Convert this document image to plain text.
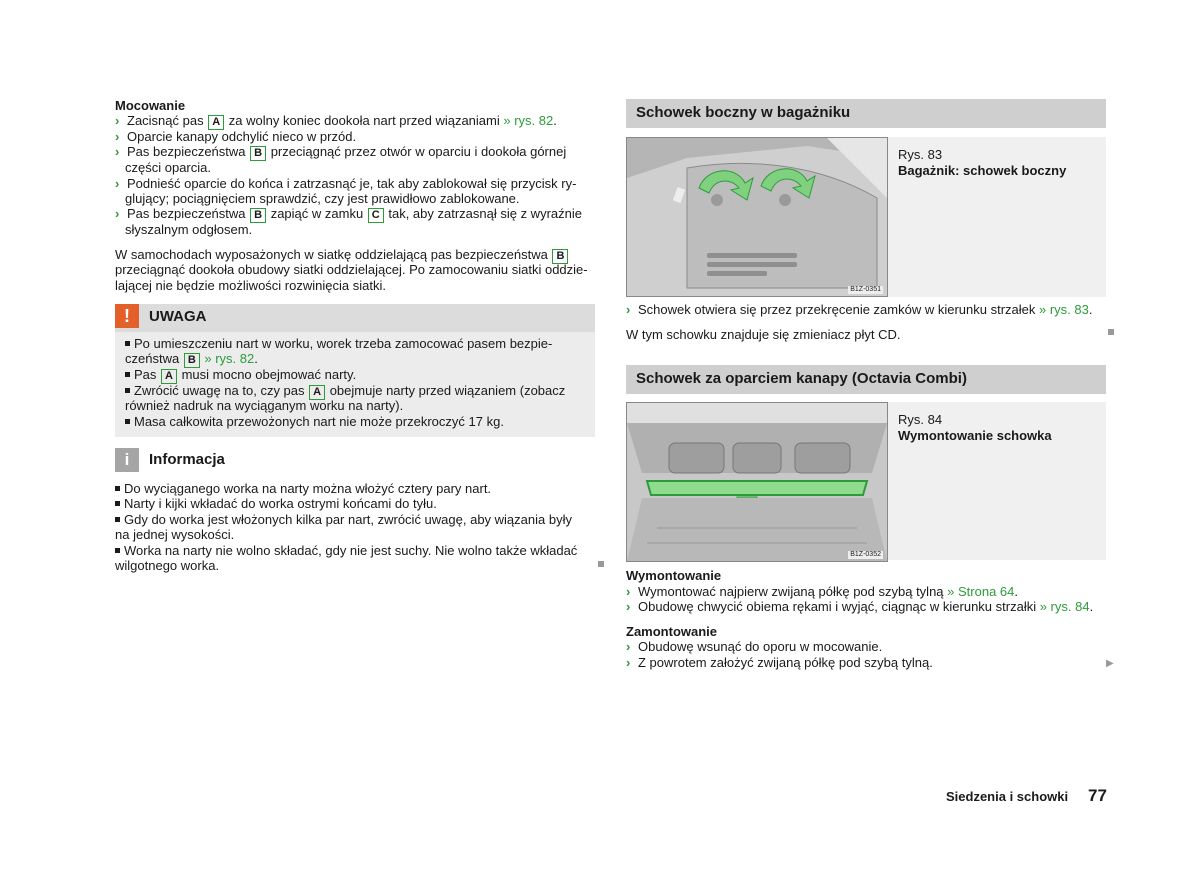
Mocowanie
› Zacisnąć pas A za wolny koniec dookoła nart przed wiązaniami » rys. 82.
› Oparcie kanapy odchylić nieco w przód.
› Pas bezpieczeństwa B przeciągnąć przez otwór w oparciu i dookoła górnej
części oparcia.
› Podnieść oparcie do końca i zatrzasnąć je, tak aby zablokował się przycisk ry-
glujący; pociągnięciem sprawdzić, czy jest prawidłowo zablokowane.
› Pas bezpieczeństwa B zapiąć w zamku C tak, aby zatrzasnął się z wyraźnie
słyszalnym odgłosem.
W samochodach wyposażonych w siatkę oddzielającą pas bezpieczeństwa B
przeciągnąć dookoła obudowy siatki oddzielającej. Po zamocowaniu siatki oddzie-
lającej nie będzie możliwości rozwinięcia siatki.
!	UWAGA
Po umieszczeniu nart w worku, worek trzeba zamocować pasem bezpie-
czeństwa B » rys. 82.
Pas A musi mocno obejmować narty.
Zwrócić uwagę na to, czy pas A obejmuje narty przed wiązaniem (zobacz
również nadruk na wyciąganym worku na narty).
Masa całkowita przewożonych nart nie może przekroczyć 17 kg.
i	Informacja
Do wyciąganego worka na narty można włożyć cztery pary nart.
Narty i kijki wkładać do worka ostrymi końcami do tyłu.
Gdy do worka jest włożonych kilka par nart, zwrócić uwagę, aby wiązania były
na jednej wysokości.
Worka na narty nie wolno składać, gdy nie jest suchy. Nie wolno także wkładać
wilgotnego worka.
Schowek boczny w bagażniku
B1Z-0351
Rys. 83
Bagażnik: schowek boczny
› Schowek otwiera się przez przekręcenie zamków w kierunku strzałek » rys. 83.
W tym schowku znajduje się zmieniacz płyt CD.
Schowek za oparciem kanapy (Octavia Combi)
B1Z-0352
Rys. 84
Wymontowanie schowka
Wymontowanie
› Wymontować najpierw zwijaną półkę pod szybą tylną » Strona 64.
› Obudowę chwycić obiema rękami i wyjąć, ciągnąc w kierunku strzałki » rys. 84.
Zamontowanie
› Obudowę wsunąć do oporu w mocowanie.
› Z powrotem założyć zwijaną półkę pod szybą tylną.	▶
Siedzenia i schowki 77
